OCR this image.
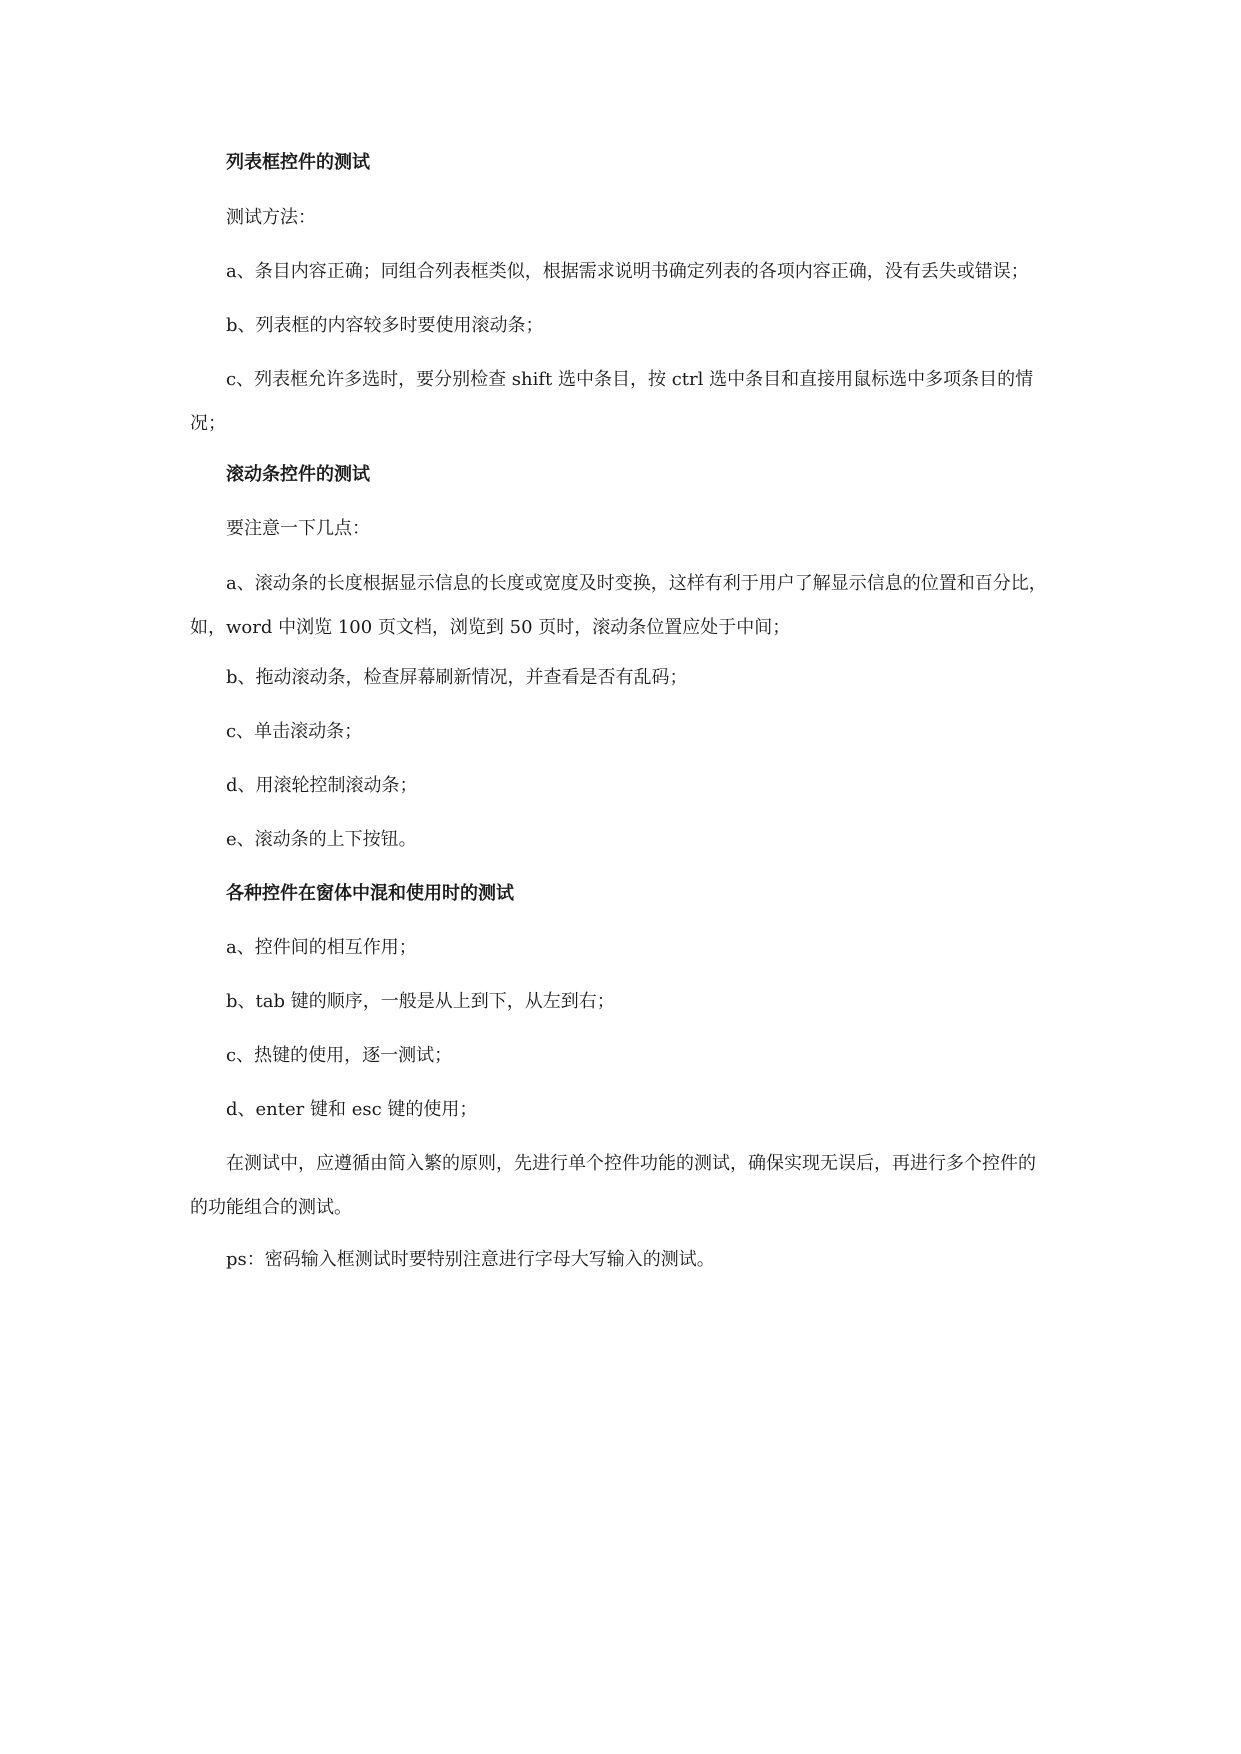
列表框控件的测试

测试方法：

a、条目内容正确；同组合列表框类似，根据需求说明书确定列表的各项内容正确，没有丢失或错误；

b、列表框的内容较多时要使用滚动条；

c、列表框允许多选时，要分别检查 shift 选中条目，按 ctrl 选中条目和直接用鼠标选中多项条目的情况；

滚动条控件的测试

要注意一下几点：

a、滚动条的长度根据显示信息的长度或宽度及时变换，这样有利于用户了解显示信息的位置和百分比，如，word 中浏览 100 页文档，浏览到 50 页时，滚动条位置应处于中间；

b、拖动滚动条，检查屏幕刷新情况，并查看是否有乱码；

c、单击滚动条；

d、用滚轮控制滚动条；

e、滚动条的上下按钮。

各种控件在窗体中混和使用时的测试

a、控件间的相互作用；

b、tab 键的顺序，一般是从上到下，从左到右；

c、热键的使用，逐一测试；

d、enter 键和 esc 键的使用；

在测试中，应遵循由简入繁的原则，先进行单个控件功能的测试，确保实现无误后，再进行多个控件的的功能组合的测试。

ps：密码输入框测试时要特别注意进行字母大写输入的测试。
